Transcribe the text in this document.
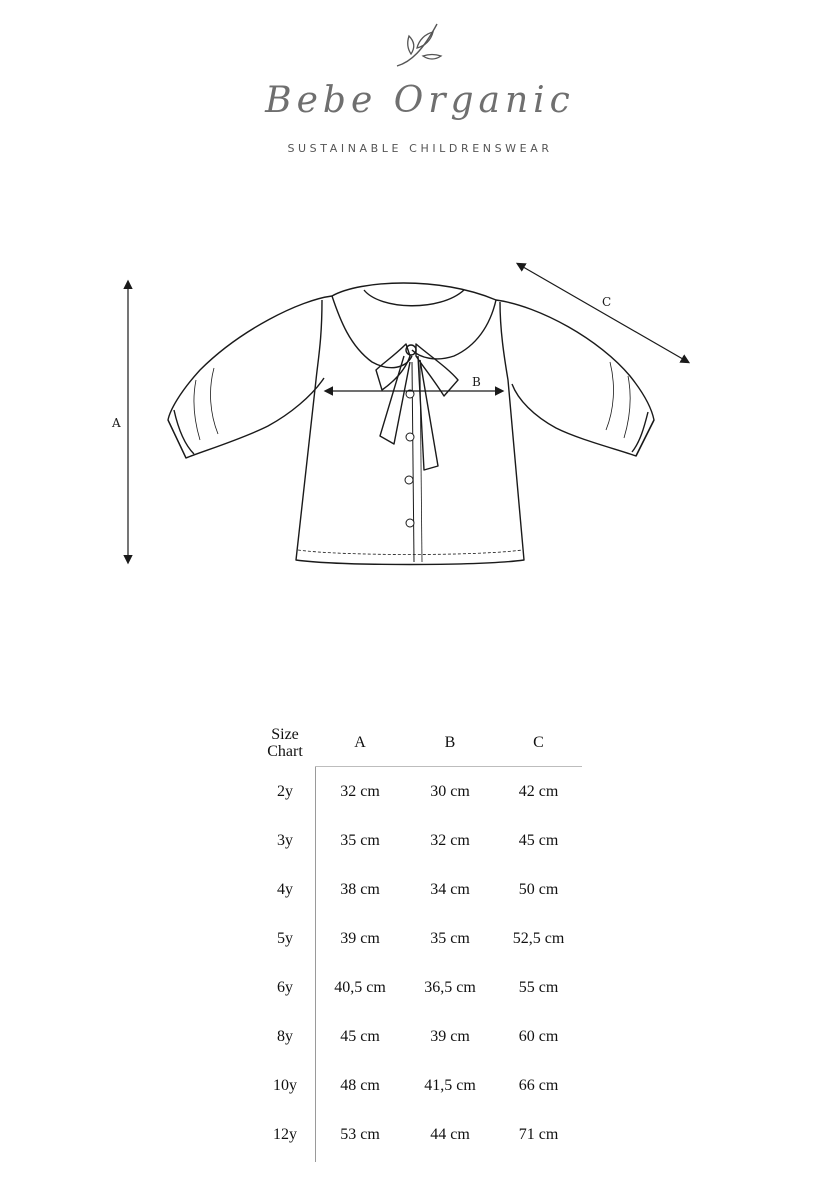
Bebe Organic
SUSTAINABLE CHILDRENSWEAR
A
C
B
Size
Chart
A	B	C
2y	32 cm	30 cm	42 cm
3y	35 cm	32 cm	45 cm
4y	38 cm	34 cm	50 cm
5y	39 cm	35 cm	52,5 cm
6y	40,5 cm	36,5 cm	55 cm
8y	45 cm	39 cm	60 cm
10y	48 cm	41,5 cm	66 cm
12y	53 cm	44 cm	71 cm
